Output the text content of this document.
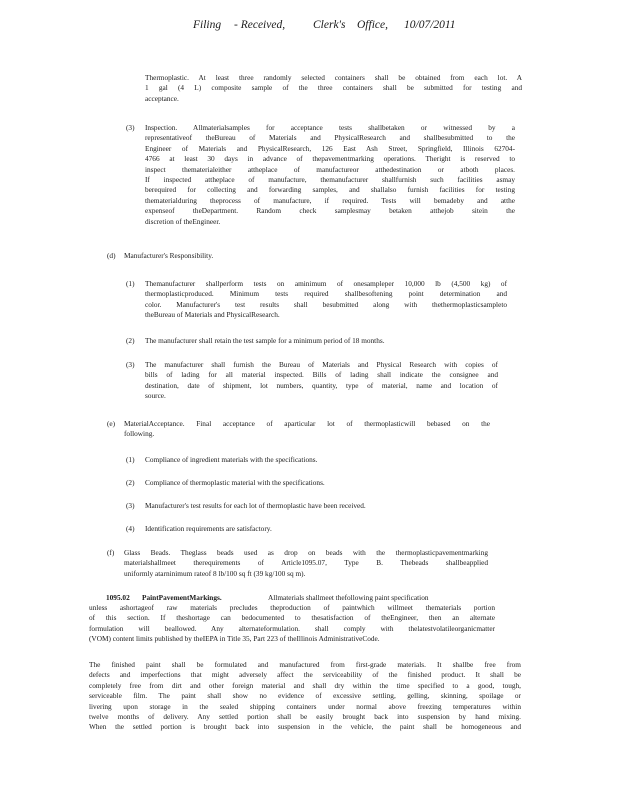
Filing - Received, Clerk's Office, 10/07/2011
Thermoplastic. At least three randomly selected containers shall be obtained from each lot. A
1 gal (4 L) composite sample of the three containers shall be submitted for testing and
acceptance.
(3) Inspection. Allmaterialsamples for acceptance tests shallbetaken or witnessed by a
representativeof theBureau of Materials and PhysicalResearch and shallbesubmitted to the
Engineer of Materials and PhysicalResearch, 126 East Ash Street, Springfield, Illinois 62704-
4766 at least 30 days in advance of thepavementmarking operations. Theright is reserved to
inspect thematerialeither attheplace of manufactureor atthedestination or atboth places.
If inspected attheplace of manufacture, themanufacturer shallfurnish such facilities asmay
berequired for collecting and forwarding samples, and shallalso furnish facilities for testing
thematerialduring theprocess of manufacture, if required. Tests will bemadeby and atthe
expenseof theDepartment. Random check samplesmay betaken atthejob sitein the
discretion of theEngineer.
(d) Manufacturer's Responsibility.
(1) Themanufacturer shallperform tests on aminimum of onesampleper 10,000 lb (4,500 kg) of
thermoplasticproduced. Minimum tests required shallbesoftening point determination and
color. Manufacturer's test results shall besubmitted along with thethermoplasticsampleto
theBureau of Materials and PhysicalResearch.
(2) The manufacturer shall retain the test sample for a minimum period of 18 months.
(3) The manufacturer shall furnish the Bureau of Materials and Physical Research with copies of
bills of lading for all material inspected. Bills of lading shall indicate the consignee and
destination, date of shipment, lot numbers, quantity, type of material, name and location of
source.
(e) MaterialAcceptance. Final acceptance of aparticular lot of thermoplasticwill bebased on the
following.
(1) Compliance of ingredient materials with the specifications.
(2) Compliance of thermoplastic material with the specifications.
(3) Manufacturer's test results for each lot of thermoplastic have been received.
(4) Identification requirements are satisfactory.
(f) Glass Beads. Theglass beads used as drop on beads with the thermoplasticpavementmarking
materialshallmeet therequirements of Article1095.07, Type B. Thebeads shallbeapplied
uniformly atarninimum rateof 8 lb/100 sq ft (39 kg/100 sq m).
1095.02 PaintPavementMarkings.	Allmaterials shallmeet thefollowing paint specification
unless ashortageof raw materials precludes theproduction of paintwhich willmeet thematerials portion
of this section. If theshortage can bedocumented to thesatisfaction of theEngineer, then an alternate
formulation will beallowed. Any alternateformulation. shall comply with thelatestvolatileorganicmatter
(VOM) content limits published by theIEPA in Title 35, Part 223 of theIllinois AdministrativeCode.
The finished paint shall be formulated and manufactured from first-grade materials. It shallbe free from
defects and imperfections that might adversely affect the serviceability of the finished product. It shall be
completely free from dirt and other foreign material and shall dry within the time specified to a good, tough,
serviceable film. The paint shall show no evidence of excessive settling, gelling, skinning, spoilage or
livering upon storage in the sealed shipping containers under normal above freezing temperatures within
twelve months of delivery. Any settled portion shall be easily brought back into suspension by hand mixing.
When the settled portion is brought back into suspension in the vehicle, the paint shall be homogeneous and
